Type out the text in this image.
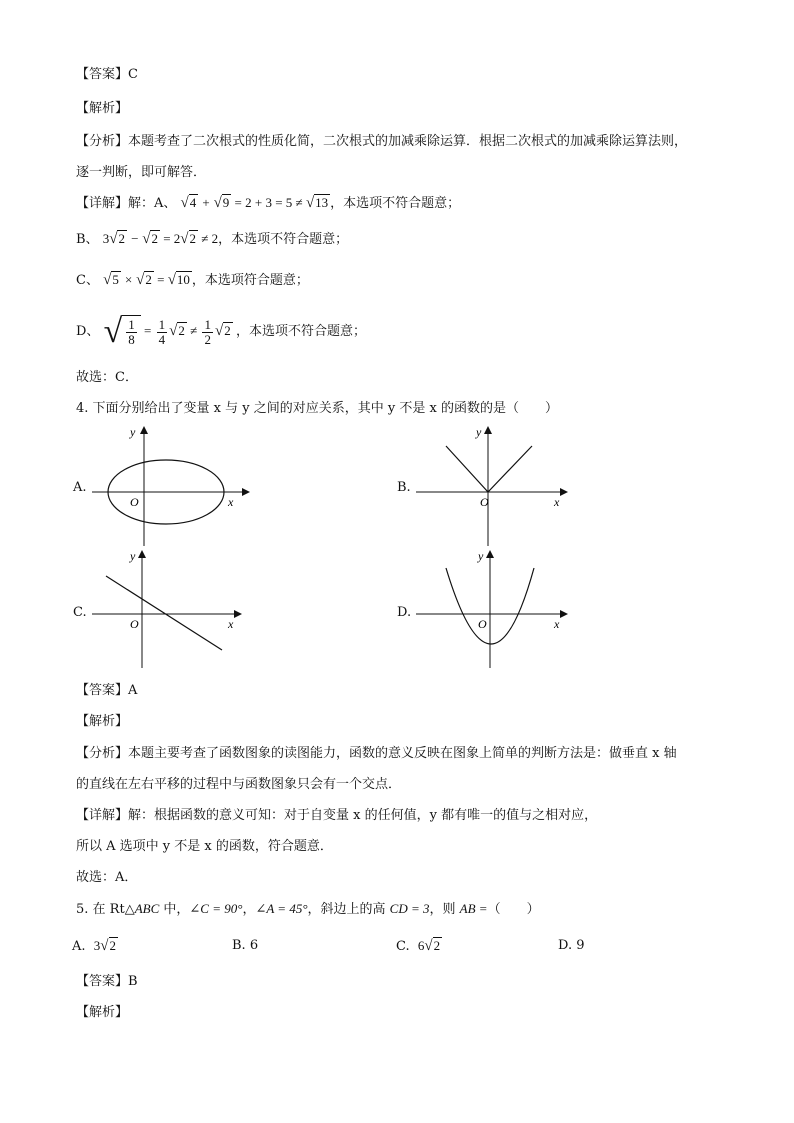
【答案】C
【解析】
【分析】本题考查了二次根式的性质化简，二次根式的加减乘除运算．根据二次根式的加减乘除运算法则，
逐一判断，即可解答．
【详解】解：A、 √4 + √9 = 2 + 3 = 5 ≠ √13 ，本选项不符合题意；
B、 3√2 − √2 = 2√2 ≠ 2，本选项不符合题意；
C、 √5 × √2 = √10 ，本选项符合题意；
D、 √ $\frac{1}{8} = \frac{1}{4} √2 \ne \frac{1}{2} √2$ ，本选项不符合题意；
故选：C．
4. 下面分别给出了变量 x 与 y 之间的对应关系，其中 y 不是 x 的函数的是（　　）
A.
y
x
O
B.
y
x
O
C.
y
x
O
D.
y
x
O
【答案】A
【解析】
【分析】本题主要考查了函数图象的读图能力，函数的意义反映在图象上简单的判断方法是：做垂直 x 轴
的直线在左右平移的过程中与函数图象只会有一个交点．
【详解】解：根据函数的意义可知：对于自变量 x 的任何值，y 都有唯一的值与之相对应，
所以 A 选项中 y 不是 x 的函数，符合题意．
故选：A．
5. 在 Rt△ABC 中，∠C = 90°，∠A = 45°，斜边上的高 CD = 3，则 AB =（　　）
A. 3√2	B. 6	C. 6√2	D. 9
【答案】B
【解析】
